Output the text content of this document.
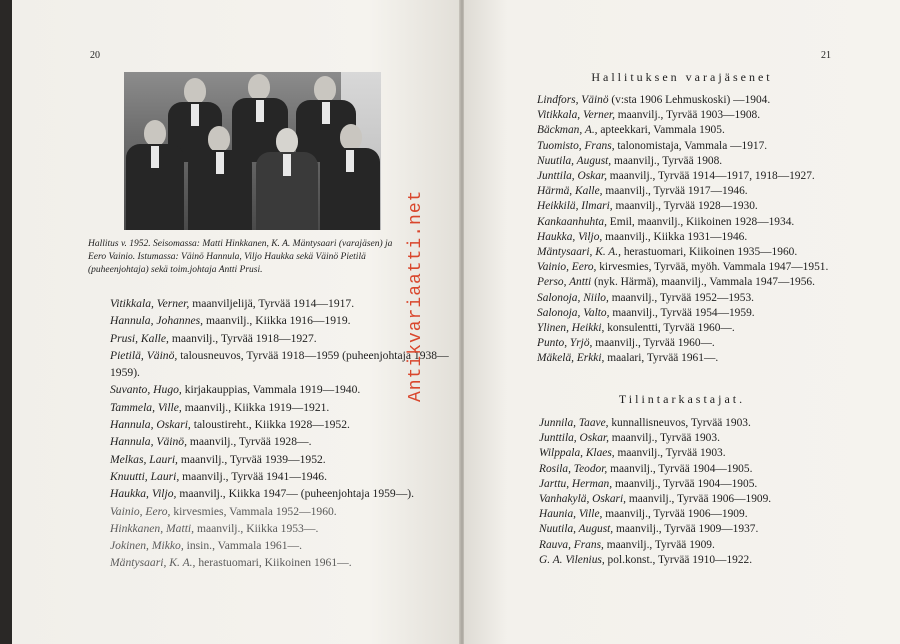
20
Hallitus v. 1952. Seisomassa: Matti Hinkkanen, K. A. Mäntysaari (varajäsen) ja Eero Vainio. Istumassa: Väinö Hannula, Viljo Haukka sekä Väinö Pietilä (puheenjohtaja) sekä toim.johtaja Antti Prusi.
Vitikkala, Verner, maanviljelijä, Tyrvää 1914—1917.
Hannula, Johannes, maanvilj., Kiikka 1916—1919.
Prusi, Kalle, maanvilj., Tyrvää 1918—1927.
Pietilä, Väinö, talousneuvos, Tyrvää 1918—1959 (puheenjohtaja 1938—1959).
Suvanto, Hugo, kirjakauppias, Vammala 1919—1940.
Tammela, Ville, maanvilj., Kiikka 1919—1921.
Hannula, Oskari, taloustireht., Kiikka 1928—1952.
Hannula, Väinö, maanvilj., Tyrvää 1928—.
Melkas, Lauri, maanvilj., Tyrvää 1939—1952.
Knuutti, Lauri, maanvilj., Tyrvää 1941—1946.
Haukka, Viljo, maanvilj., Kiikka 1947— (puheenjohtaja 1959—).
Vainio, Eero, kirvesmies, Vammala 1952—1960.
Hinkkanen, Matti, maanvilj., Kiikka 1953—.
Jokinen, Mikko, insin., Vammala 1961—.
Mäntysaari, K. A., herastuomari, Kiikoinen 1961—.
Antikvariaatti.net
21
Hallituksen varajäsenet
Lindfors, Väinö (v:sta 1906 Lehmuskoski) —1904.
Vitikkala, Verner, maanvilj., Tyrvää 1903—1908.
Bäckman, A., apteekkari, Vammala 1905.
Tuomisto, Frans, talonomistaja, Vammala —1917.
Nuutila, August, maanvilj., Tyrvää 1908.
Junttila, Oskar, maanvilj., Tyrvää 1914—1917, 1918—1927.
Härmä, Kalle, maanvilj., Tyrvää 1917—1946.
Heikkilä, Ilmari, maanvilj., Tyrvää 1928—1930.
Kankaanhuhta, Emil, maanvilj., Kiikoinen 1928—1934.
Haukka, Viljo, maanvilj., Kiikka 1931—1946.
Mäntysaari, K. A., herastuomari, Kiikoinen 1935—1960.
Vainio, Eero, kirvesmies, Tyrvää, myöh. Vammala 1947—1951.
Perso, Antti (nyk. Härmä), maanvilj., Vammala 1947—1956.
Salonoja, Niilo, maanvilj., Tyrvää 1952—1953.
Salonoja, Valto, maanvilj., Tyrvää 1954—1959.
Ylinen, Heikki, konsulentti, Tyrvää 1960—.
Punto, Yrjö, maanvilj., Tyrvää 1960—.
Mäkelä, Erkki, maalari, Tyrvää 1961—.
Tilintarkastajat.
Junnila, Taave, kunnallisneuvos, Tyrvää 1903.
Junttila, Oskar, maanvilj., Tyrvää 1903.
Wilppala, Klaes, maanvilj., Tyrvää 1903.
Rosila, Teodor, maanvilj., Tyrvää 1904—1905.
Jarttu, Herman, maanvilj., Tyrvää 1904—1905.
Vanhakylä, Oskari, maanvilj., Tyrvää 1906—1909.
Haunia, Ville, maanvilj., Tyrvää 1906—1909.
Nuutila, August, maanvilj., Tyrvää 1909—1937.
Rauva, Frans, maanvilj., Tyrvää 1909.
G. A. Vilenius, pol.konst., Tyrvää 1910—1922.
